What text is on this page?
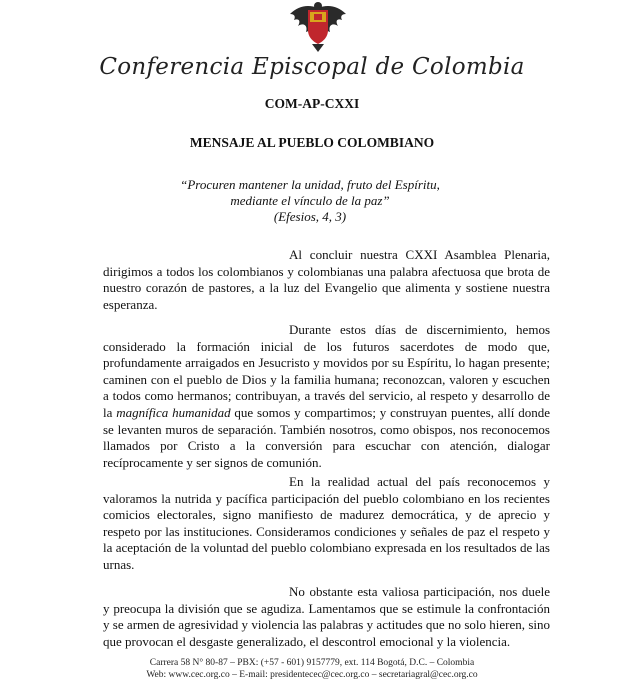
Conferencia Episcopal de Colombia
COM-AP-CXXI
MENSAJE AL PUEBLO COLOMBIANO
“Procuren mantener la unidad, fruto del Espíritu,
mediante el vínculo de la paz”
(Efesios, 4, 3)

Al concluir nuestra CXXI Asamblea Plenaria, dirigimos a todos los colombianos y colombianas una palabra afectuosa que brota de nuestro corazón de pastores, a la luz del Evangelio que alimenta y sostiene nuestra esperanza.

Durante estos días de discernimiento, hemos considerado la formación inicial de los futuros sacerdotes de modo que, profundamente arraigados en Jesucristo y movidos por su Espíritu, lo hagan presente; caminen con el pueblo de Dios y la familia humana; reconozcan, valoren y escuchen a todos como hermanos; contribuyan, a través del servicio, al respeto y desarrollo de la magnífica humanidad que somos y compartimos; y construyan puentes, allí donde se levanten muros de separación. También nosotros, como obispos, nos reconocemos llamados por Cristo a la conversión para escuchar con atención, dialogar recíprocamente y ser signos de comunión.

En la realidad actual del país reconocemos y valoramos la nutrida y pacífica participación del pueblo colombiano en los recientes comicios electorales, signo manifiesto de madurez democrática, y de aprecio y respeto por las instituciones. Consideramos condiciones y señales de paz el respeto y la aceptación de la voluntad del pueblo colombiano expresada en los resultados de las urnas.

No obstante esta valiosa participación, nos duele y preocupa la división que se agudiza. Lamentamos que se estimule la confrontación y se armen de agresividad y violencia las palabras y actitudes que no solo hieren, sino que provocan el desgaste generalizado, el descontrol emocional y la violencia.

Carrera 58 N° 80-87 – PBX: (+57 - 601) 9157779, ext. 114 Bogotá, D.C. – Colombia
Web: www.cec.org.co – E-mail: presidentecec@cec.org.co – secretariagral@cec.org.co
